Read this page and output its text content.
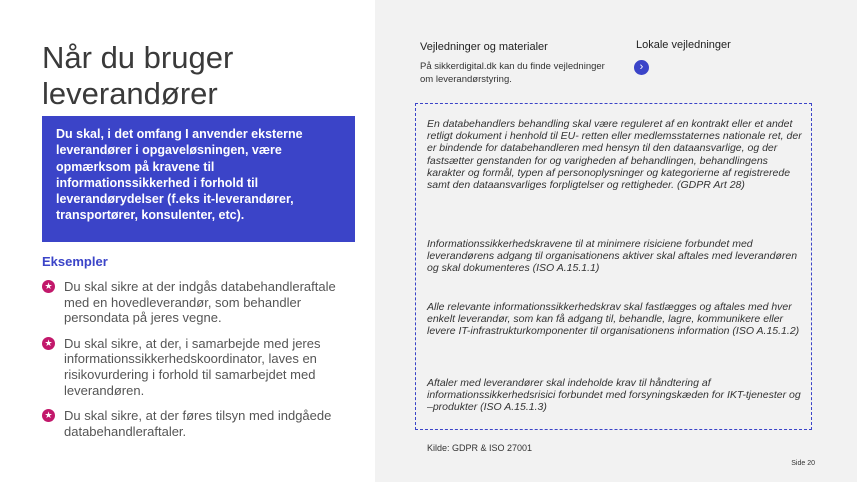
Når du bruger leverandører
Du skal, i det omfang I anvender eksterne leverandører i opgaveløsningen, være opmærksom på kravene til informationssikkerhed i forhold til leverandørydelser (f.eks it-leverandører, transportører, konsulenter, etc).
Eksempler
★ Du skal sikre at der indgås databehandleraftale med en hovedleverandør, som behandler persondata på jeres vegne.
★ Du skal sikre, at der, i samarbejde med jeres informationssikkerhedskoordinator, laves en risikovurdering i forhold til samarbejdet med leverandøren.
★ Du skal sikre, at der føres tilsyn med indgåede databehandleraftaler.
Vejledninger og materialer	Lokale vejledninger
På sikkerdigital.dk kan du finde vejledninger om leverandørstyring.
›
En databehandlers behandling skal være reguleret af en kontrakt eller et andet retligt dokument i henhold til EU- retten eller medlemsstaternes nationale ret, der er bindende for databehandleren med hensyn til den dataansvarlige, og der fastsætter genstanden for og varigheden af behandlingen, behandlingens karakter og formål, typen af personoplysninger og kategorierne af registrerede samt den dataansvarliges forpligtelser og rettigheder. (GDPR Art 28)
Informationssikkerhedskravene til at minimere risiciene forbundet med leverandørens adgang til organisationens aktiver skal aftales med leverandøren og skal dokumenteres (ISO A.15.1.1)
Alle relevante informationssikkerhedskrav skal fastlægges og aftales med hver enkelt leverandør, som kan få adgang til, behandle, lagre, kommunikere eller levere IT-infrastrukturkomponenter til organisationens information (ISO A.15.1.2)
Aftaler med leverandører skal indeholde krav til håndtering af informationssikkerhedsrisici forbundet med forsyningskæden for IKT-tjenester og –produkter (ISO A.15.1.3)
Kilde: GDPR & ISO 27001
Side 20
